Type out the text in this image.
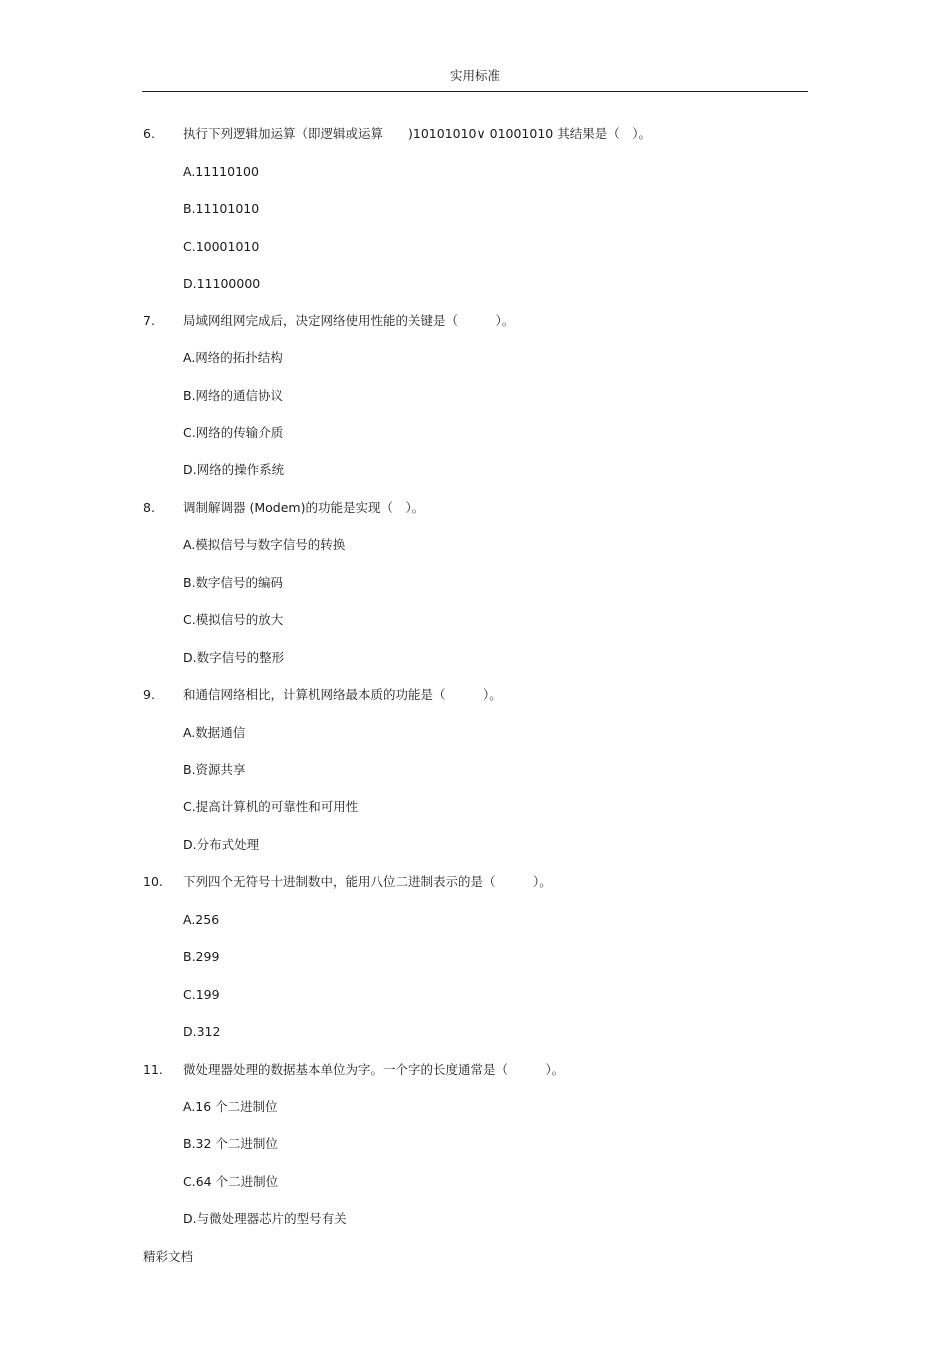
实用标准
6. 执行下列逻辑加运算（即逻辑或运算　　)10101010∨ 01001010 其结果是（　）。
A.11110100
B.11101010
C.10001010
D.11100000
7. 局域网组网完成后，决定网络使用性能的关键是（　　　）。
A.网络的拓扑结构
B.网络的通信协议
C.网络的传输介质
D.网络的操作系统
8. 调制解调器 (Modem)的功能是实现（　）。
A.模拟信号与数字信号的转换
B.数字信号的编码
C.模拟信号的放大
D.数字信号的整形
9. 和通信网络相比，计算机网络最本质的功能是（　　　）。
A.数据通信
B.资源共享
C.提高计算机的可靠性和可用性
D.分布式处理
10. 下列四个无符号十进制数中，能用八位二进制表示的是（　　　）。
A.256
B.299
C.199
D.312
11. 微处理器处理的数据基本单位为字。一个字的长度通常是（　　　）。
A.16 个二进制位
B.32 个二进制位
C.64 个二进制位
D.与微处理器芯片的型号有关
精彩文档
